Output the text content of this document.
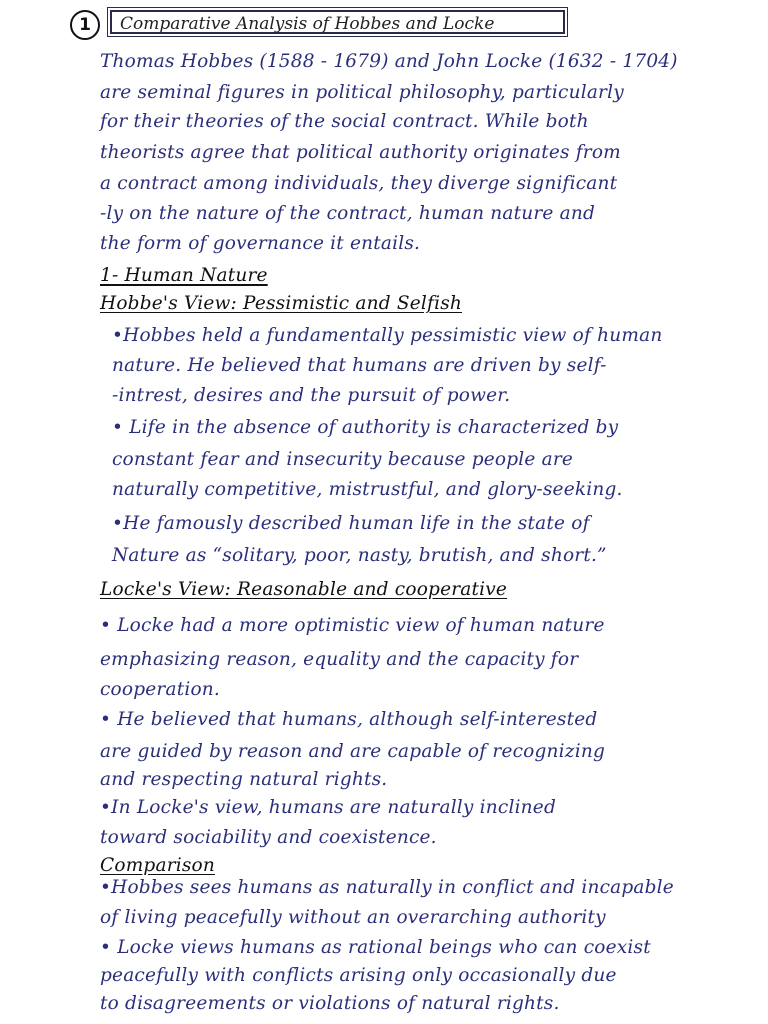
1	Comparative Analysis of Hobbes and Locke
Thomas Hobbes (1588 - 1679) and John Locke (1632 - 1704)
are seminal figures in political philosophy, particularly
for their theories of the social contract. While both
theorists agree that political authority originates from
a contract among individuals, they diverge significant
-ly on the nature of the contract, human nature and
the form of governance it entails.
1- Human Nature
Hobbe's View: Pessimistic and Selfish
•Hobbes held a fundamentally pessimistic view of human
nature. He believed that humans are driven by self-
-intrest, desires and the pursuit of power.
• Life in the absence of authority is characterized by
constant fear and insecurity because people are
naturally competitive, mistrustful, and glory-seeking.
•He famously described human life in the state of
Nature as “solitary, poor, nasty, brutish, and short.”
Locke's View: Reasonable and cooperative
• Locke had a more optimistic view of human nature
emphasizing reason, equality and the capacity for
cooperation.
• He believed that humans, although self-interested
are guided by reason and are capable of recognizing
and respecting natural rights.
•In Locke's view, humans are naturally inclined
toward sociability and coexistence.
Comparison
•Hobbes sees humans as naturally in conflict and incapable
of living peacefully without an overarching authority
• Locke views humans as rational beings who can coexist
peacefully with conflicts arising only occasionally due
to disagreements or violations of natural rights.
